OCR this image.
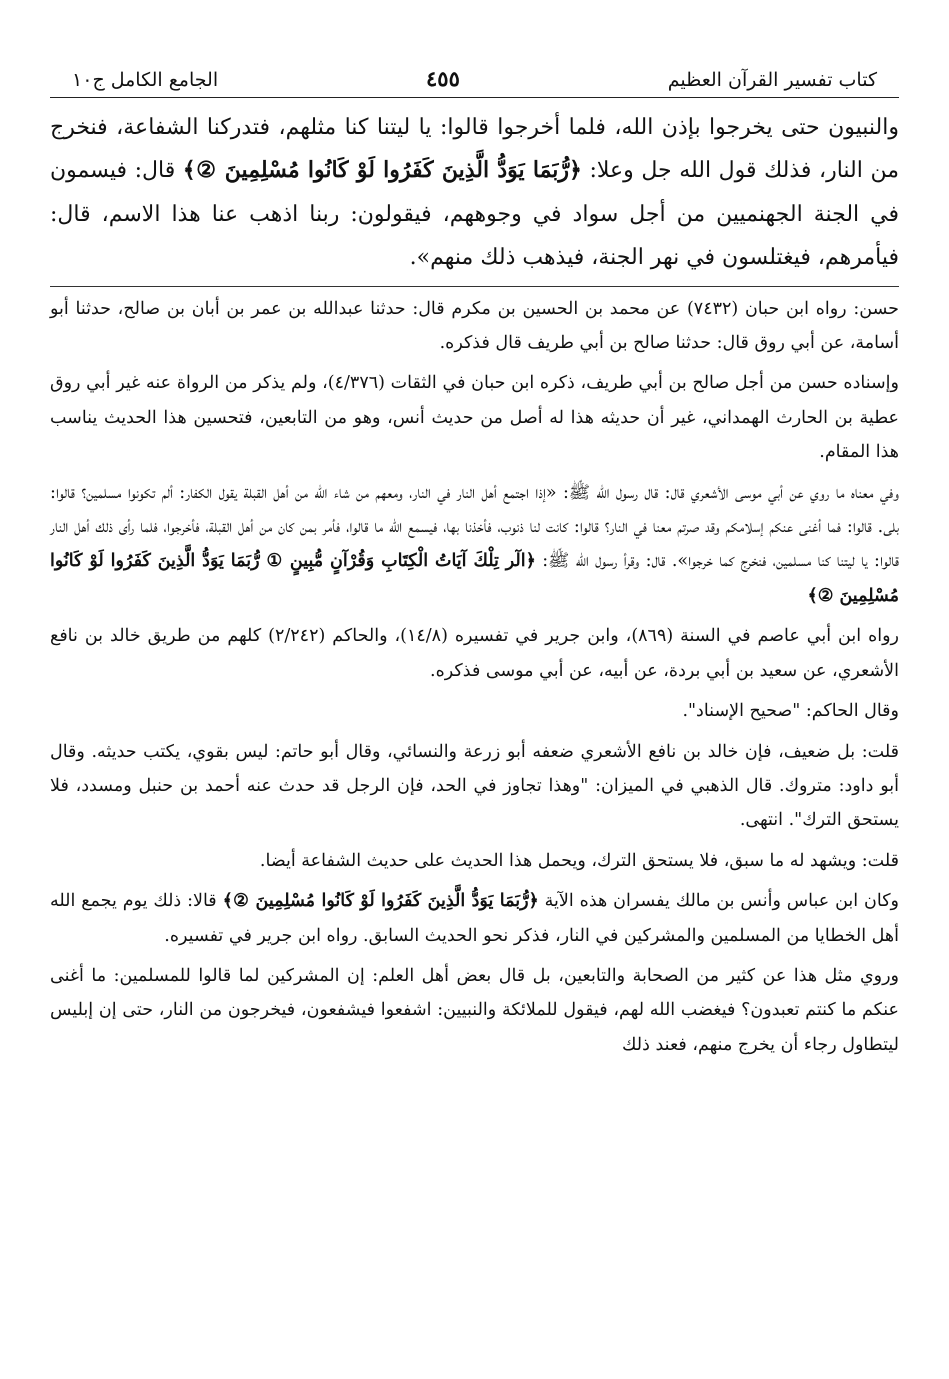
كتاب تفسير القرآن العظيم
٤٥٥
الجامع الكامل ج١٠

والنبيون حتى يخرجوا بإذن الله، فلما أخرجوا قالوا: يا ليتنا كنا مثلهم، فتدركنا الشفاعة، فنخرج من النار، فذلك قول الله جل وعلا: ﴿رُّبَمَا يَوَدُّ الَّذِينَ كَفَرُوا لَوْ كَانُوا مُسْلِمِينَ ②﴾ قال: فيسمون في الجنة الجهنميين من أجل سواد في وجوههم، فيقولون: ربنا اذهب عنا هذا الاسم، قال: فيأمرهم، فيغتلسون في نهر الجنة، فيذهب ذلك منهم».

حسن: رواه ابن حبان (٧٤٣٢) عن محمد بن الحسين بن مكرم قال: حدثنا عبدالله بن عمر بن أبان بن صالح، حدثنا أبو أسامة، عن أبي روق قال: حدثنا صالح بن أبي طريف قال فذكره.

وإسناده حسن من أجل صالح بن أبي طريف، ذكره ابن حبان في الثقات (٤/٣٧٦)، ولم يذكر من الرواة عنه غير أبي روق عطية بن الحارث الهمداني، غير أن حديثه هذا له أصل من حديث أنس، وهو من التابعين، فتحسين هذا الحديث يناسب هذا المقام.

وفي معناه ما روي عن أبي موسى الأشعري قال: قال رسول الله ﷺ: «إذا اجتمع أهل النار في النار، ومعهم من شاء الله من أهل القبلة يقول الكفار: ألم تكونوا مسلمين؟ قالوا: بلى. قالوا: فما أغنى عنكم إسلامكم وقد صرتم معنا في النار؟ قالوا: كانت لنا ذنوب، فأخذنا بها، فيسمع الله ما قالوا، فأمر بمن كان من أهل القبلة، فأخرجوا، فلما رأى ذلك أهل النار قالوا: يا ليتنا كنا مسلمين، فنخرج كما خرجوا». قال: وقرأ رسول الله ﷺ: ﴿الٓر تِلْكَ آيَاتُ الْكِتَابِ وَقُرْآنٍ مُّبِينٍ ① رُّبَمَا يَوَدُّ الَّذِينَ كَفَرُوا لَوْ كَانُوا مُسْلِمِينَ ②﴾

رواه ابن أبي عاصم في السنة (٨٦٩)، وابن جرير في تفسيره (١٤/٨)، والحاكم (٢/٢٤٢) كلهم من طريق خالد بن نافع الأشعري، عن سعيد بن أبي بردة، عن أبيه، عن أبي موسى فذكره.

وقال الحاكم: "صحيح الإسناد".

قلت: بل ضعيف، فإن خالد بن نافع الأشعري ضعفه أبو زرعة والنسائي، وقال أبو حاتم: ليس بقوي، يكتب حديثه. وقال أبو داود: متروك. قال الذهبي في الميزان: "وهذا تجاوز في الحد، فإن الرجل قد حدث عنه أحمد بن حنبل ومسدد، فلا يستحق الترك". انتهى.

قلت: ويشهد له ما سبق، فلا يستحق الترك، ويحمل هذا الحديث على حديث الشفاعة أيضا.

وكان ابن عباس وأنس بن مالك يفسران هذه الآية ﴿رُّبَمَا يَوَدُّ الَّذِينَ كَفَرُوا لَوْ كَانُوا مُسْلِمِينَ ②﴾ قالا: ذلك يوم يجمع الله أهل الخطايا من المسلمين والمشركين في النار، فذكر نحو الحديث السابق. رواه ابن جرير في تفسيره.

وروي مثل هذا عن كثير من الصحابة والتابعين، بل قال بعض أهل العلم: إن المشركين لما قالوا للمسلمين: ما أغنى عنكم ما كنتم تعبدون؟ فيغضب الله لهم، فيقول للملائكة والنبيين: اشفعوا فيشفعون، فيخرجون من النار، حتى إن إبليس ليتطاول رجاء أن يخرج منهم، فعند ذلك
